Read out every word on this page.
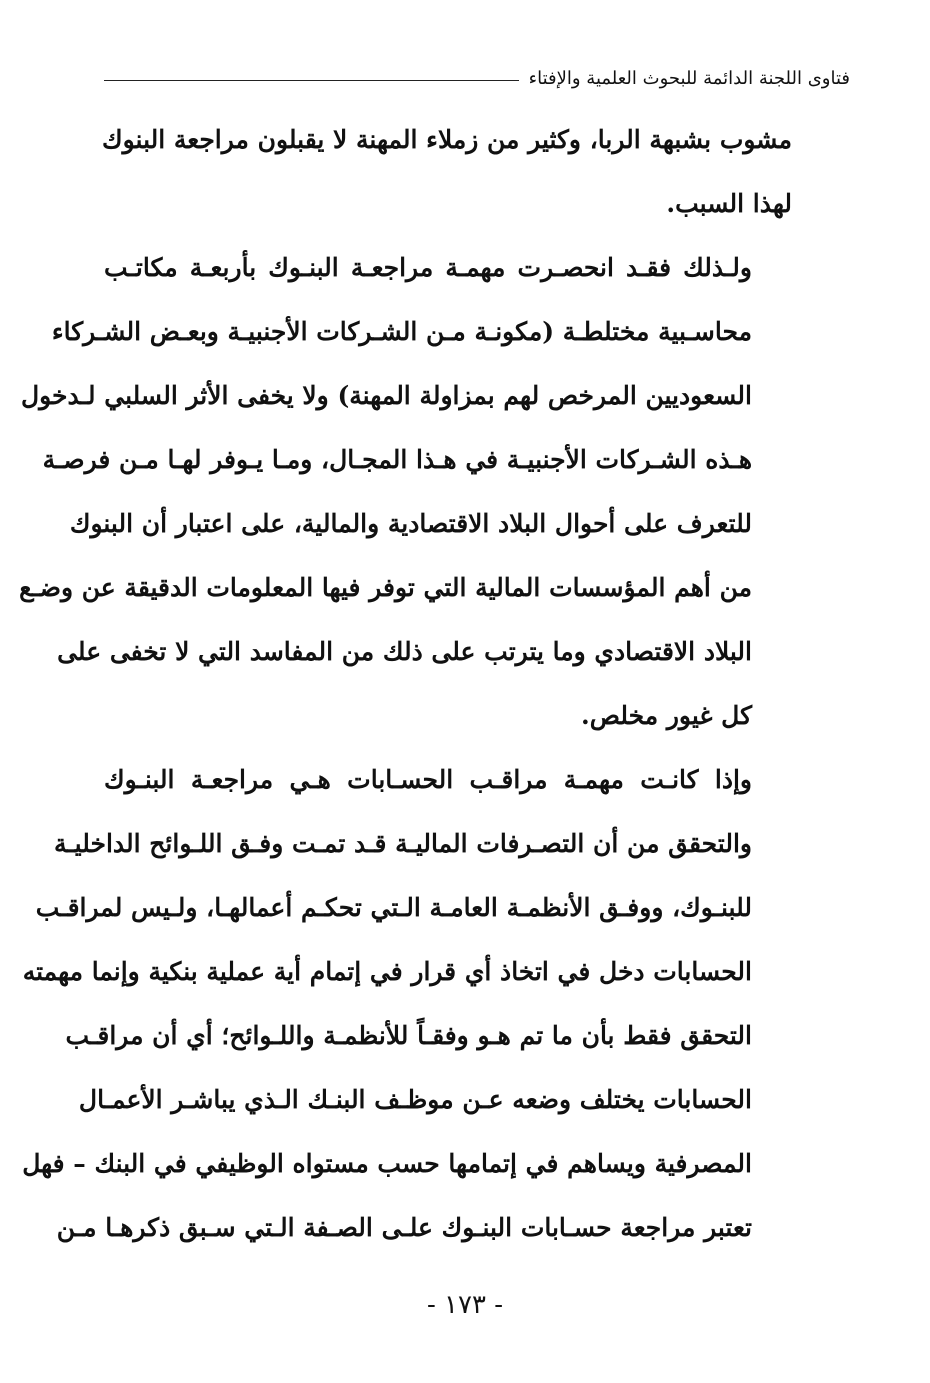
فتاوى اللجنة الدائمة للبحوث العلمية والإفتاء
مشوب بشبهة الربا، وكثير من زملاء المهنة لا يقبلون مراجعة البنوك
لهذا السبب.
ولـذلك فقـد انحصـرت مهمـة مراجعـة البنـوك بأربعـة مكاتـب
محاسـبية مختلطـة (مكونـة مـن الشـركات الأجنبيـة وبعـض الشـركاء
السعوديين المرخص لهم بمزاولة المهنة) ولا يخفى الأثر السلبي لـدخول
هـذه الشـركات الأجنبيـة في هـذا المجـال، ومـا يـوفر لهـا مـن فرصـة
للتعرف على أحوال البلاد الاقتصادية والمالية، على اعتبار أن البنوك
من أهم المؤسسات المالية التي توفر فيها المعلومات الدقيقة عن وضـع
البلاد الاقتصادي وما يترتب على ذلك من المفاسد التي لا تخفى على
كل غيور مخلص.
وإذا كانـت مهمـة مراقـب الحسـابات هـي مراجعـة البنـوك
والتحقق من أن التصـرفات الماليـة قـد تمـت وفـق اللـوائح الداخليـة
للبنـوك، ووفـق الأنظمـة العامـة الـتي تحكـم أعمالهـا، ولـيس لمراقـب
الحسابات دخل في اتخاذ أي قرار في إتمام أية عملية بنكية وإنما مهمته
التحقق فقط بأن ما تم هـو وفقـاً للأنظمـة واللـوائح؛ أي أن مراقـب
الحسابات يختلف وضعه عـن موظـف البنـك الـذي يباشـر الأعمـال
المصرفية ويساهم في إتمامها حسب مستواه الوظيفي في البنك – فهل
تعتبر مراجعة حسـابات البنـوك علـى الصـفة الـتي سـبق ذكرهـا مـن
- ١٧٣ -
